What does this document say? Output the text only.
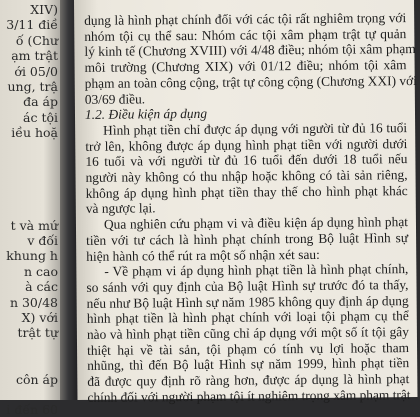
XIV)
3/11 điề
ố (Chư
ạm trật
ới 05/0
ung, trậ
đa áp
ác tội
iều hoặ
t và mứ
v đối
khung h
n cao
à các
n 30/48
X) với
trật tự
côn áp
i đến 60
dụng là hình phạt chính đối với các tội rất nghiêm trọng với
nhóm tội cụ thể sau: Nhóm các tội xâm phạm trật tự quản
lý kinh tế (Chương XVIII) với 4/48 điều; nhóm tội xâm phạm
môi trường (Chương XIX) với 01/12 điều; nhóm tội xâm
phạm an toàn công cộng, trật tự công cộng (Chương XXI) với
03/69 điều.
1.2. Điều kiện áp dụng
Hình phạt tiền chỉ được áp dụng với người từ đủ 16 tuổi
trở lên, không được áp dụng hình phạt tiền với người dưới
16 tuổi và với người từ đủ 16 tuổi đến dưới 18 tuổi nếu
người này không có thu nhập hoặc không có tài sản riêng,
không áp dụng hình phạt tiền thay thế cho hình phạt khác
và ngược lại.
Qua nghiên cứu phạm vi và điều kiện áp dụng hình phạt
tiền với tư cách là hình phạt chính trong Bộ luật Hình sự
hiện hành có thể rút ra một số nhận xét sau:
- Về phạm vi áp dụng hình phạt tiền là hình phạt chính,
so sánh với quy định của Bộ luật Hình sự trước đó ta thấy,
nếu như Bộ luật Hình sự năm 1985 không quy định áp dụng
hình phạt tiền là hình phạt chính với loại tội phạm cụ thể
nào và hình phạt tiền cũng chỉ áp dụng với một số ít tội gây
thiệt hại về tài sản, tội phạm có tính vụ lợi hoặc tham
nhũng, thì đến Bộ luật Hình sự năm 1999, hình phạt tiền
đã được quy định rõ ràng hơn, được áp dụng là hình phạt
chính đối với người phạm tội ít nghiêm trọng xâm phạm trật
